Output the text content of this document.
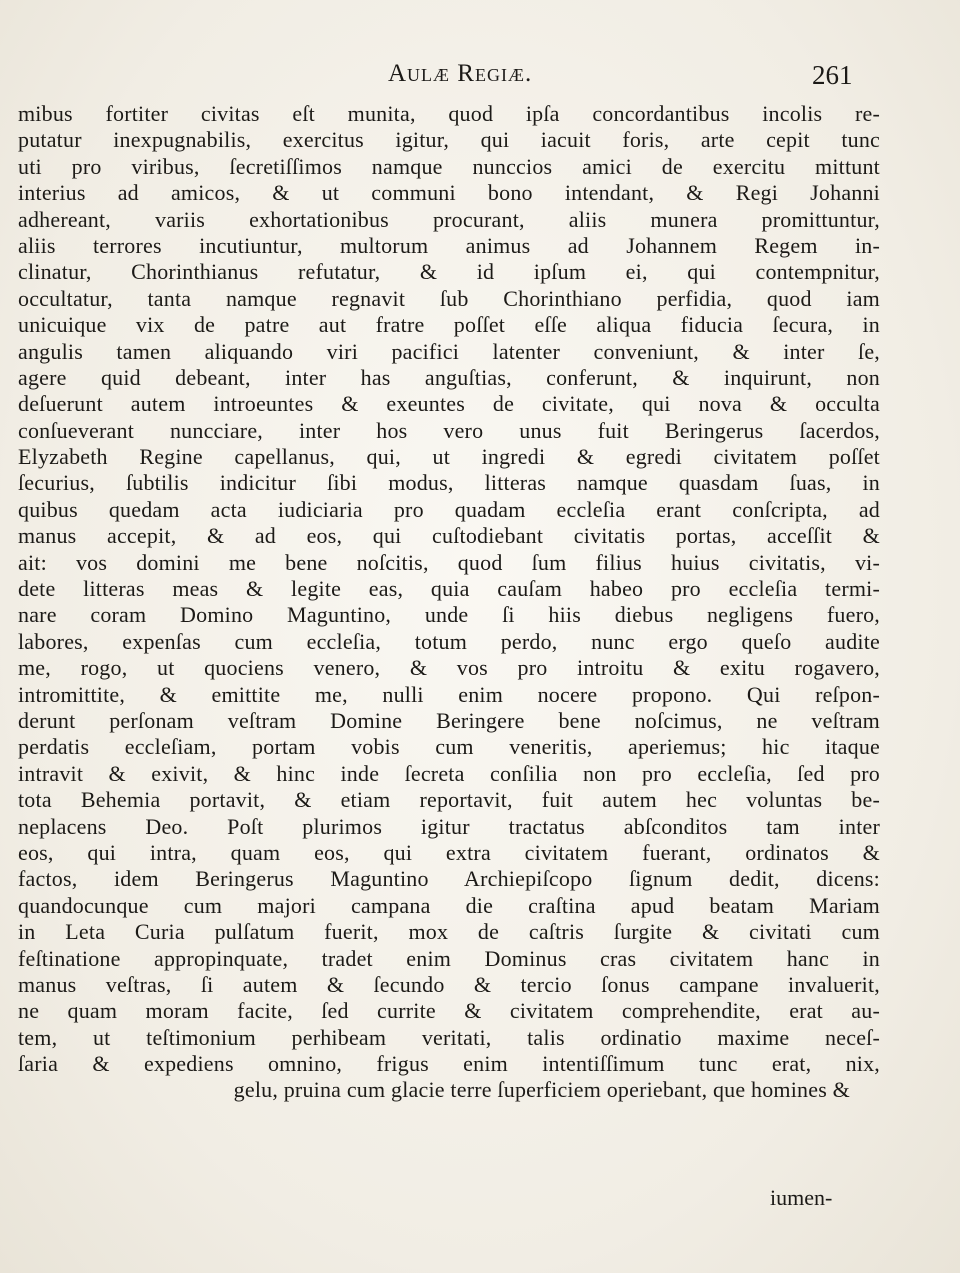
Aulæ Regiæ.	261
mibus fortiter civitas eſt munita, quod ipſa concordantibus incolis re-
putatur inexpugnabilis, exercitus igitur, qui iacuit foris, arte cepit tunc
uti pro viribus, ſecretiſſimos namque nunccios amici de exercitu mittunt
interius ad amicos, & ut communi bono intendant, & Regi Johanni
adhereant, variis exhortationibus procurant, aliis munera promittuntur,
aliis terrores incutiuntur, multorum animus ad Johannem Regem in-
clinatur, Chorinthianus refutatur, & id ipſum ei, qui contempnitur,
occultatur, tanta namque regnavit ſub Chorinthiano perfidia, quod iam
unicuique vix de patre aut fratre poſſet eſſe aliqua fiducia ſecura, in
angulis tamen aliquando viri pacifici latenter conveniunt, & inter ſe,
agere quid debeant, inter has anguſtias, conferunt, & inquirunt, non
deſuerunt autem introeuntes & exeuntes de civitate, qui nova & occulta
conſueverant nuncciare, inter hos vero unus fuit Beringerus ſacerdos,
Elyzabeth Regine capellanus, qui, ut ingredi & egredi civitatem poſſet
ſecurius, ſubtilis indicitur ſibi modus, litteras namque quasdam ſuas, in
quibus quedam acta iudiciaria pro quadam eccleſia erant conſcripta, ad
manus accepit, & ad eos, qui cuſtodiebant civitatis portas, acceſſit &
ait: vos domini me bene noſcitis, quod ſum filius huius civitatis, vi-
dete litteras meas & legite eas, quia cauſam habeo pro eccleſia termi-
nare coram Domino Maguntino, unde ſi hiis diebus negligens fuero,
labores, expenſas cum eccleſia, totum perdo, nunc ergo queſo audite
me, rogo, ut quociens venero, & vos pro introitu & exitu rogavero,
intromittite, & emittite me, nulli enim nocere propono. Qui reſpon-
derunt perſonam veſtram Domine Beringere bene noſcimus, ne veſtram
perdatis eccleſiam, portam vobis cum veneritis, aperiemus; hic itaque
intravit & exivit, & hinc inde ſecreta conſilia non pro eccleſia, ſed pro
tota Behemia portavit, & etiam reportavit, fuit autem hec voluntas be-
neplacens Deo. Poſt plurimos igitur tractatus abſconditos tam inter
eos, qui intra, quam eos, qui extra civitatem fuerant, ordinatos &
factos, idem Beringerus Maguntino Archiepiſcopo ſignum dedit, dicens:
quandocunque cum majori campana die craſtina apud beatam Mariam
in Leta Curia pulſatum fuerit, mox de caſtris ſurgite & civitati cum
feſtinatione appropinquate, tradet enim Dominus cras civitatem hanc in
manus veſtras, ſi autem & ſecundo & tercio ſonus campane invaluerit,
ne quam moram facite, ſed currite & civitatem comprehendite, erat au-
tem, ut teſtimonium perhibeam veritati, talis ordinatio maxime neceſ-
ſaria & expediens omnino, frigus enim intentiſſimum tunc erat, nix,
gelu, pruina cum glacie terre ſuperficiem operiebant, que homines &
iumen-
